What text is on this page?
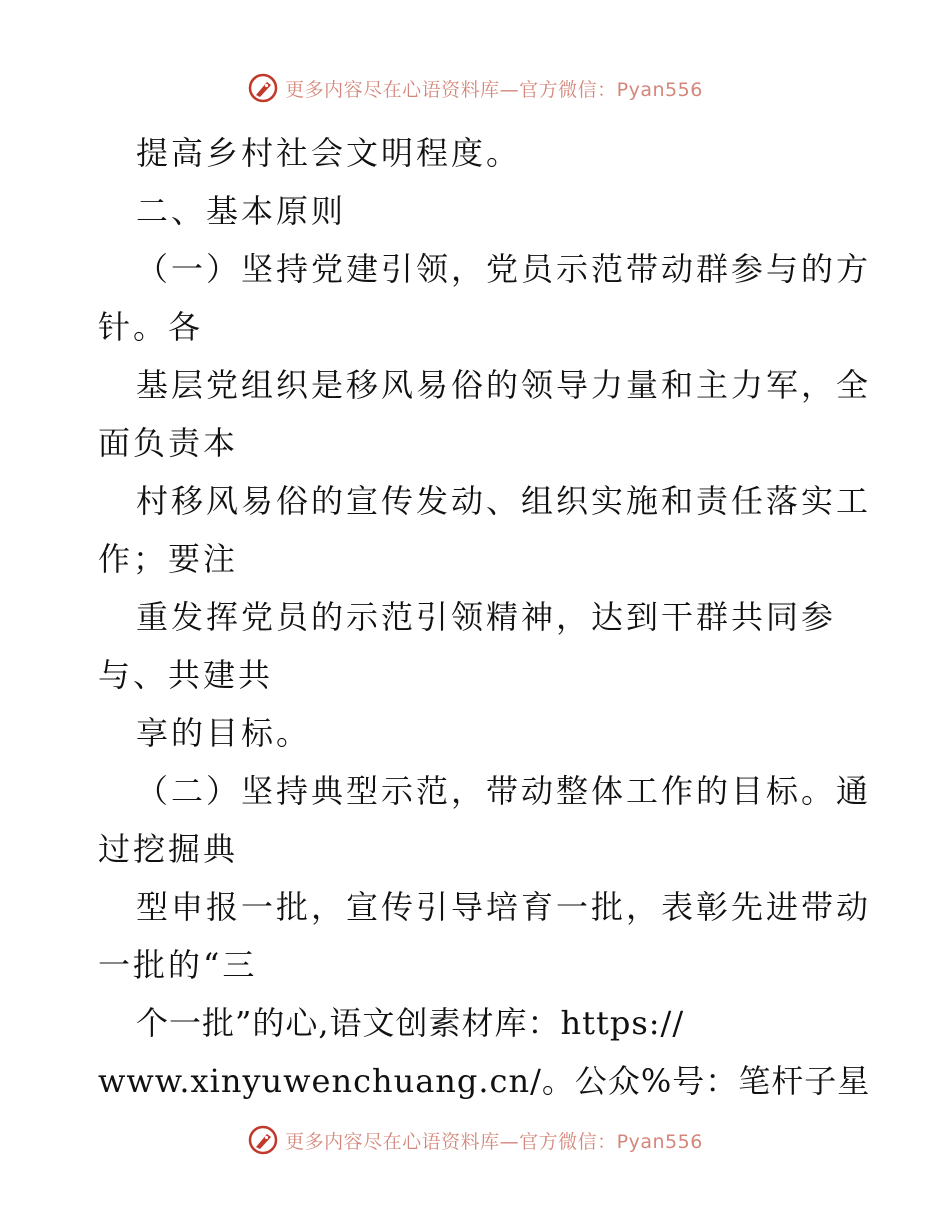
更多内容尽在心语资料库—官方微信：Pyan556
提高乡村社会文明程度。
二、基本原则
（一）坚持党建引领，党员示范带动群参与的方
针。各
基层党组织是移风易俗的领导力量和主力军，全
面负责本
村移风易俗的宣传发动、组织实施和责任落实工
作；要注
重发挥党员的示范引领精神，达到干群共同参
与、共建共
享的目标。
（二）坚持典型示范，带动整体工作的目标。通
过挖掘典
型申报一批，宣传引导培育一批，表彰先进带动
一批的“三
个一批”的心,语文创素材库：https://
www.xinyuwenchuang.cn/。公众%号：笔杆子星
更多内容尽在心语资料库—官方微信：Pyan556
